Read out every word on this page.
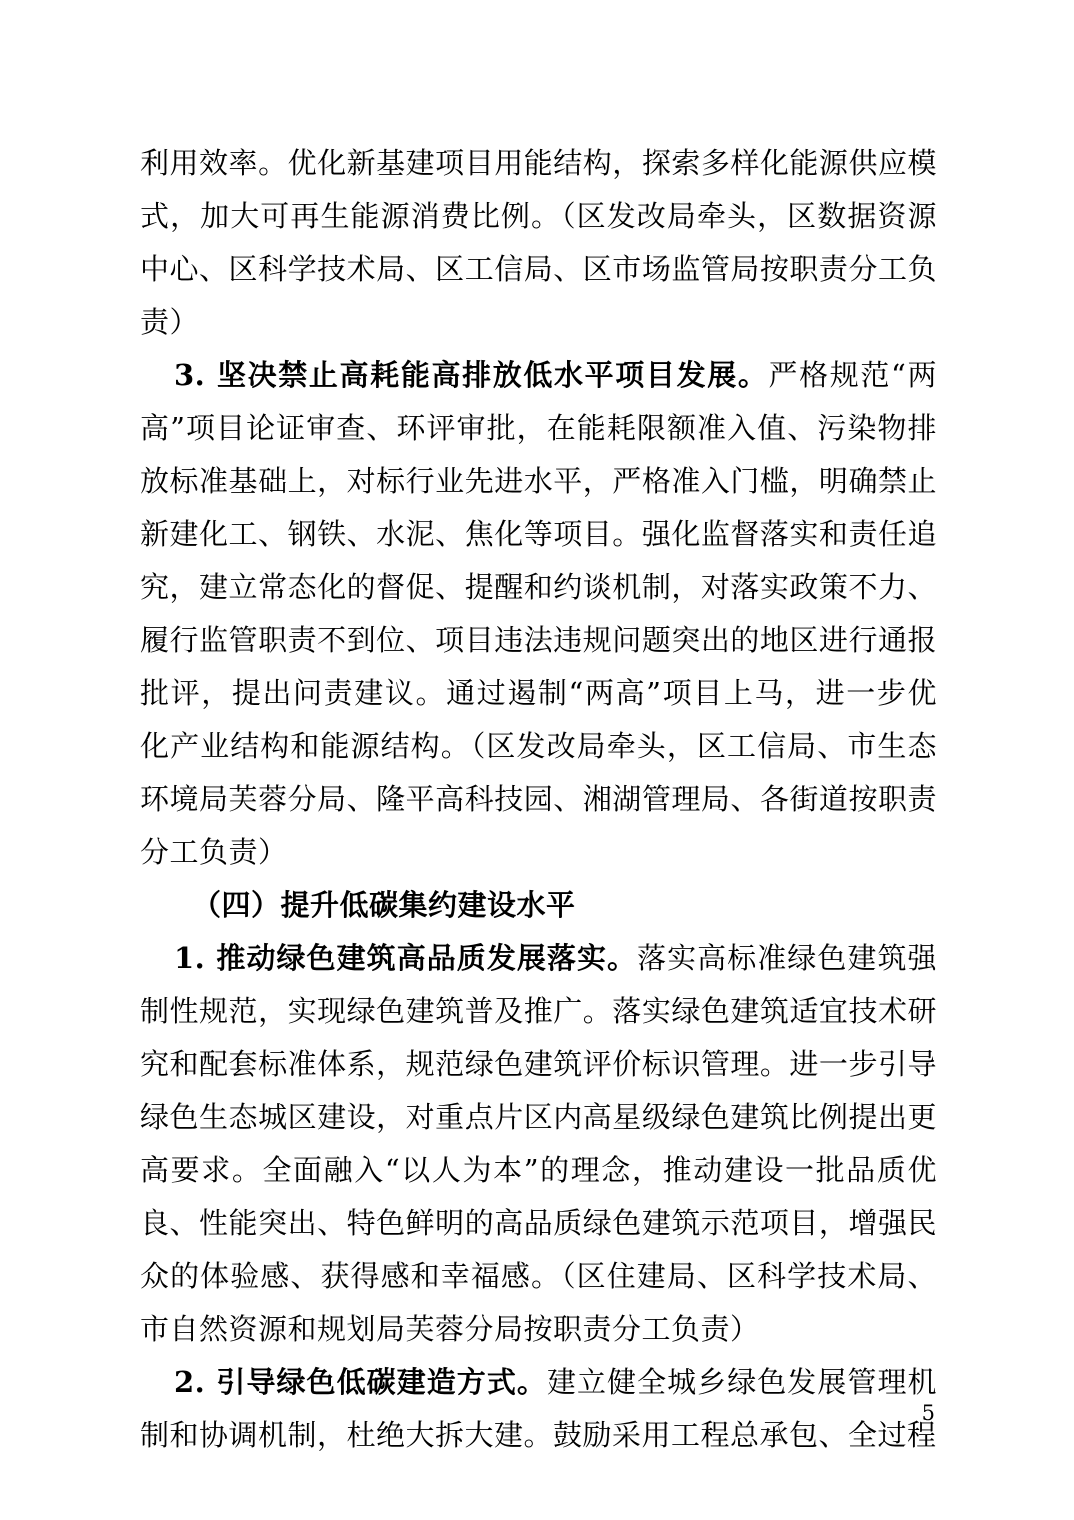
利用效率。优化新基建项目用能结构，探索多样化能源供应模式，加大可再生能源消费比例。（区发改局牵头，区数据资源中心、区科学技术局、区工信局、区市场监管局按职责分工负责）

3. 坚决禁止高耗能高排放低水平项目发展。严格规范“两高”项目论证审查、环评审批，在能耗限额准入值、污染物排放标准基础上，对标行业先进水平，严格准入门槛，明确禁止新建化工、钢铁、水泥、焦化等项目。强化监督落实和责任追究，建立常态化的督促、提醒和约谈机制，对落实政策不力、履行监管职责不到位、项目违法违规问题突出的地区进行通报批评，提出问责建议。通过遏制“两高”项目上马，进一步优化产业结构和能源结构。（区发改局牵头，区工信局、市生态环境局芙蓉分局、隆平高科技园、湘湖管理局、各街道按职责分工负责）

（四）提升低碳集约建设水平

1. 推动绿色建筑高品质发展落实。落实高标准绿色建筑强制性规范，实现绿色建筑普及推广。落实绿色建筑适宜技术研究和配套标准体系，规范绿色建筑评价标识管理。进一步引导绿色生态城区建设，对重点片区内高星级绿色建筑比例提出更高要求。全面融入“以人为本”的理念，推动建设一批品质优良、性能突出、特色鲜明的高品质绿色建筑示范项目，增强民众的体验感、获得感和幸福感。（区住建局、区科学技术局、市自然资源和规划局芙蓉分局按职责分工负责）

2. 引导绿色低碳建造方式。建立健全城乡绿色发展管理机制和协调机制，杜绝大拆大建。鼓励采用工程总承包、全过程

5
